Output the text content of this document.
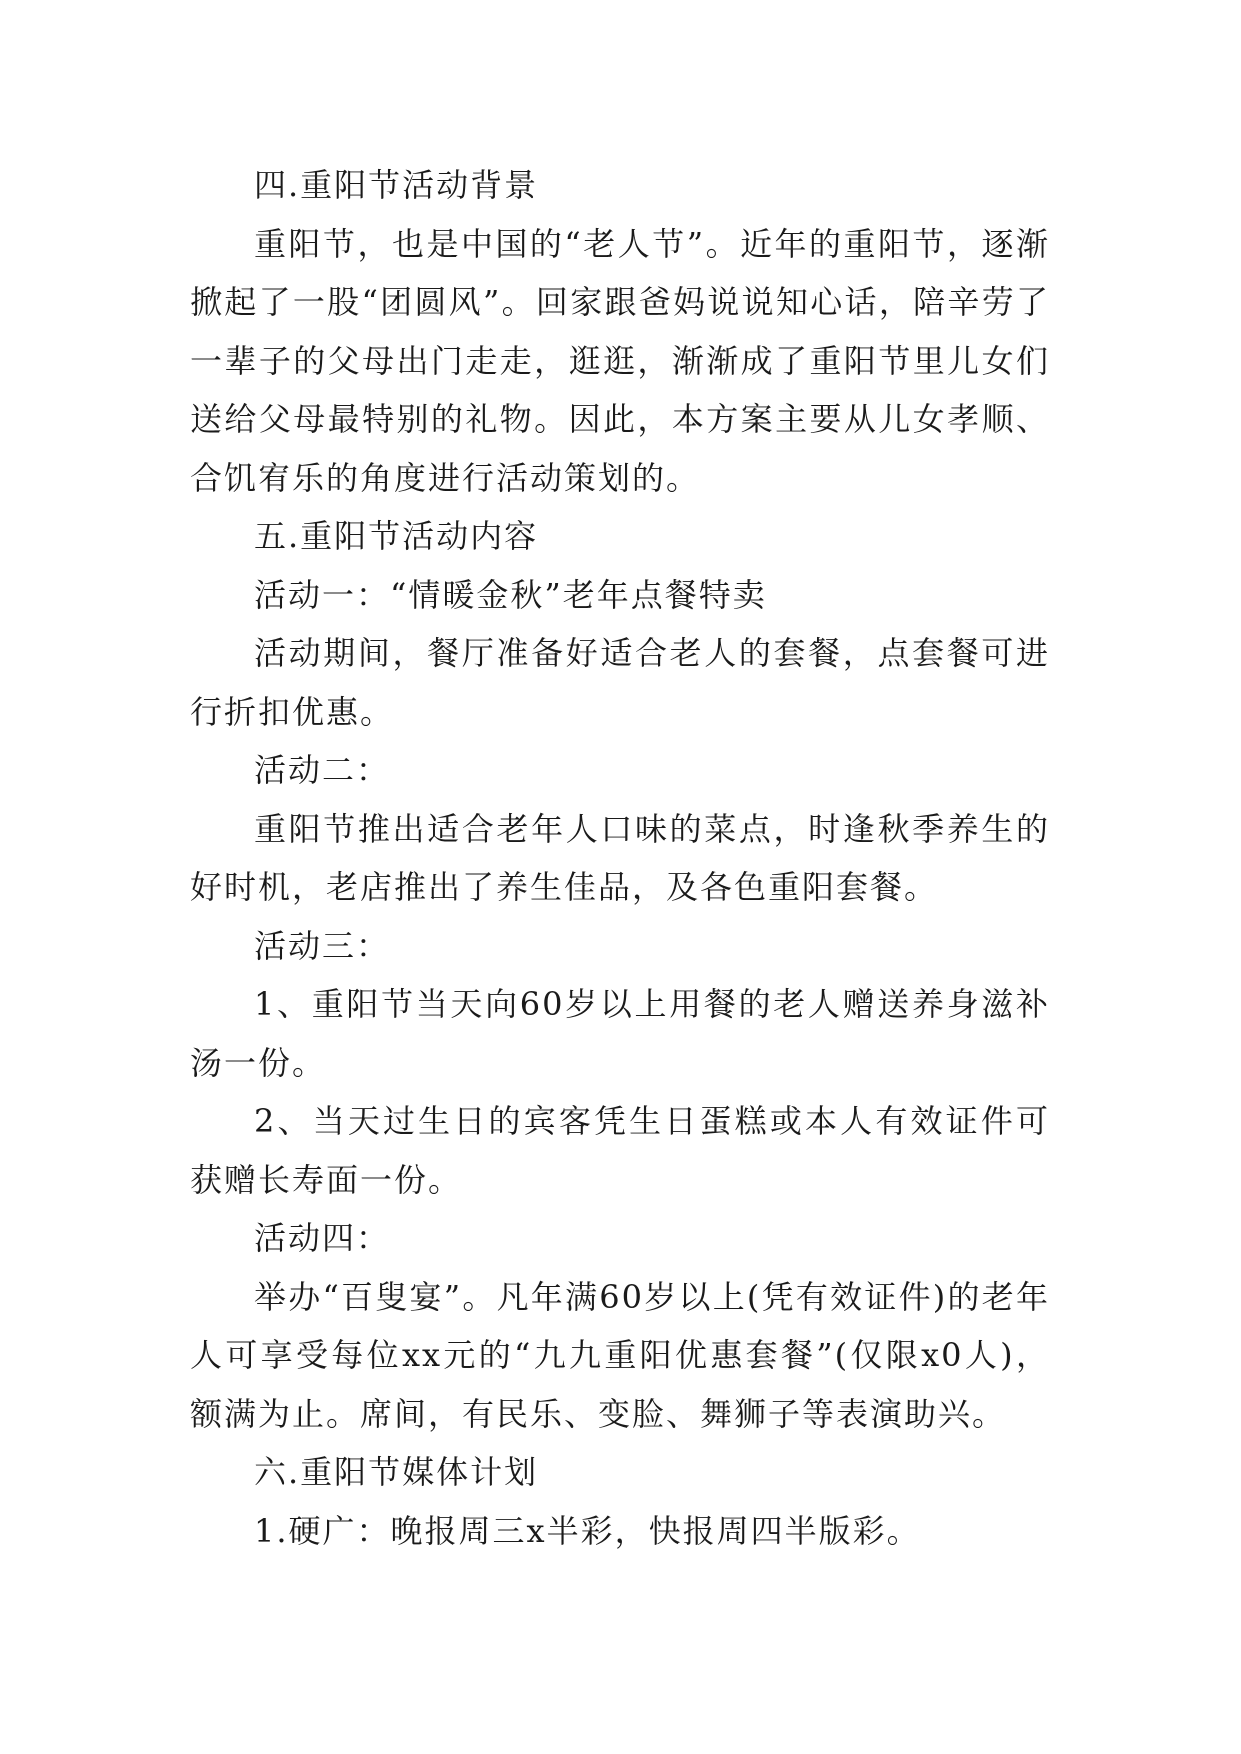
四.重阳节活动背景

重阳节，也是中国的“老人节”。近年的重阳节，逐渐掀起了一股“团圆风”。回家跟爸妈说说知心话，陪辛劳了一辈子的父母出门走走，逛逛，渐渐成了重阳节里儿女们送给父母最特别的礼物。因此，本方案主要从儿女孝顺、合饥宥乐的角度进行活动策划的。

五.重阳节活动内容

活动一：“情暖金秋”老年点餐特卖

活动期间，餐厅准备好适合老人的套餐，点套餐可进行折扣优惠。

活动二：

重阳节推出适合老年人口味的菜点，时逢秋季养生的好时机，老店推出了养生佳品，及各色重阳套餐。

活动三：

1、重阳节当天向60岁以上用餐的老人赠送养身滋补汤一份。

2、当天过生日的宾客凭生日蛋糕或本人有效证件可获赠长寿面一份。

活动四：

举办“百叟宴”。凡年满60岁以上(凭有效证件)的老年人可享受每位xx元的“九九重阳优惠套餐”(仅限x0人)，额满为止。席间，有民乐、变脸、舞狮子等表演助兴。

六.重阳节媒体计划

1.硬广：晚报周三x半彩，快报周四半版彩。
